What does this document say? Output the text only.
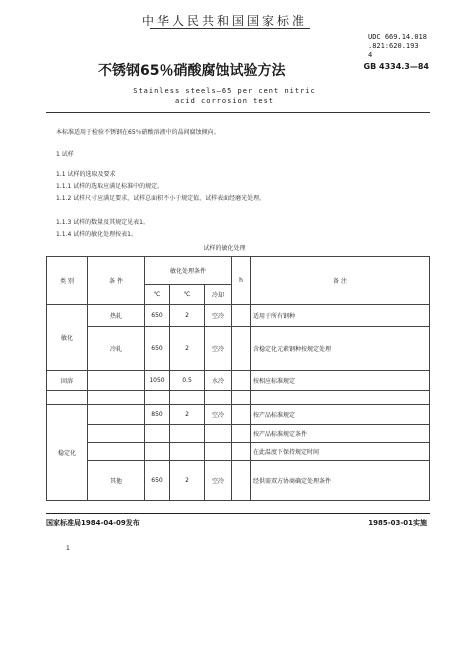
中华人民共和国国家标准
UDC 669.14.018
.821:620.193
4
不锈钢65％硝酸腐蚀试验方法	GB 4334.3—84
Stainless steels—65 per cent nitric
acid corrosion test
本标准适用于检验不锈钢在65％硝酸溶液中的晶间腐蚀倾向。
1 试样
1.1 试样的选取及要求
1.1.1 试样的选取应满足标准中的规定。
1.1.2 试样尺寸应满足要求，试样总面积不小于规定值，试样表面经磨光处理。
1.1.3 试样的数量及其规定见表1。
1.1.4 试样的敏化处理按表1。
试样的敏化处理
类 别	条 件	敏化处理条件			h	备 注
		℃	℃	冷却		
敏化	热轧	650	2	空冷		适用于所有钢种
	冷轧	650	2	空冷		含稳定化元素钢种按规定处理
固溶		1050	0.5	水冷		按相应标准规定

稳定化		850	2	空冷		按产品标准规定
						按产品标准规定条件
						在此温度下保持规定时间
	其他	650	2	空冷		经供需双方协商确定处理条件
国家标准局1984-04-09发布	1985-03-01实施
1
